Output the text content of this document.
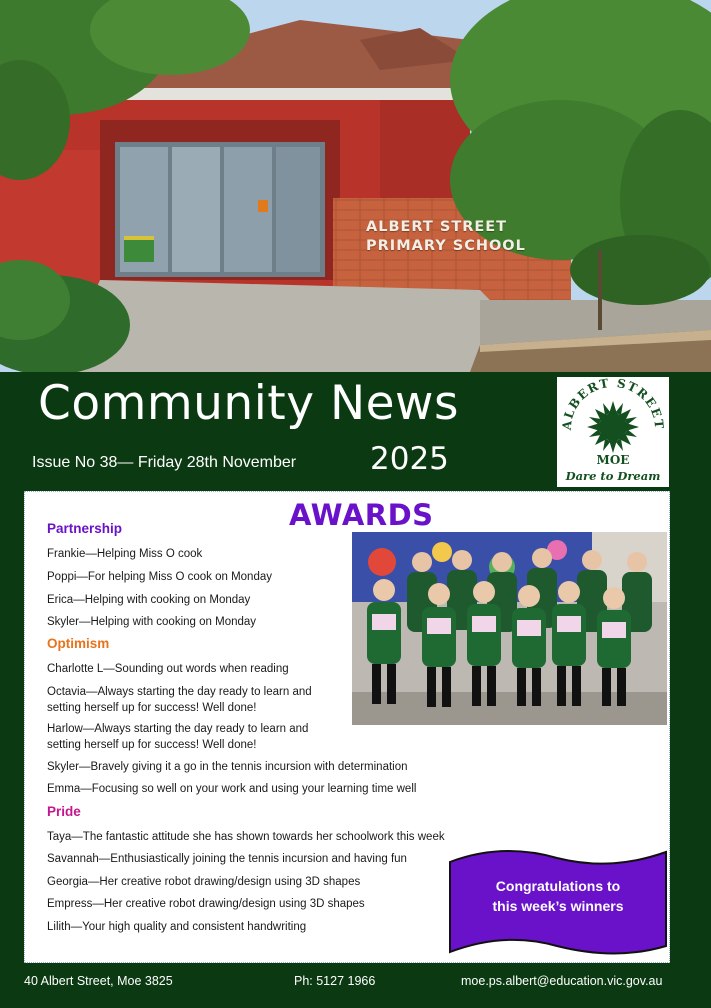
ALBERT STREET
PRIMARY SCHOOL
Community News
Issue No 38— Friday 28th November 2025
ALBERT STREET
MOE
Dare to Dream
AWARDS
Partnership
Frankie—Helping Miss O cook
Poppi—For helping Miss O cook on Monday
Erica—Helping with cooking on Monday
Skyler—Helping with cooking on Monday
Optimism
Charlotte L—Sounding out words when reading
Octavia—Always starting the day ready to learn and
setting herself up for success! Well done!
Harlow—Always starting the day ready to learn and
setting herself up for success! Well done!
Skyler—Bravely giving it a go in the tennis incursion with determination
Emma—Focusing so well on your work and using your learning time well
Pride
Taya—The fantastic attitude she has shown towards her schoolwork this week
Savannah—Enthusiastically joining the tennis incursion and having fun
Georgia—Her creative robot drawing/design using 3D shapes
Empress—Her creative robot drawing/design using 3D shapes
Lilith—Your high quality and consistent handwriting
Congratulations to
this week’s winners
40 Albert Street, Moe 3825	Ph: 5127 1966	moe.ps.albert@education.vic.gov.au
